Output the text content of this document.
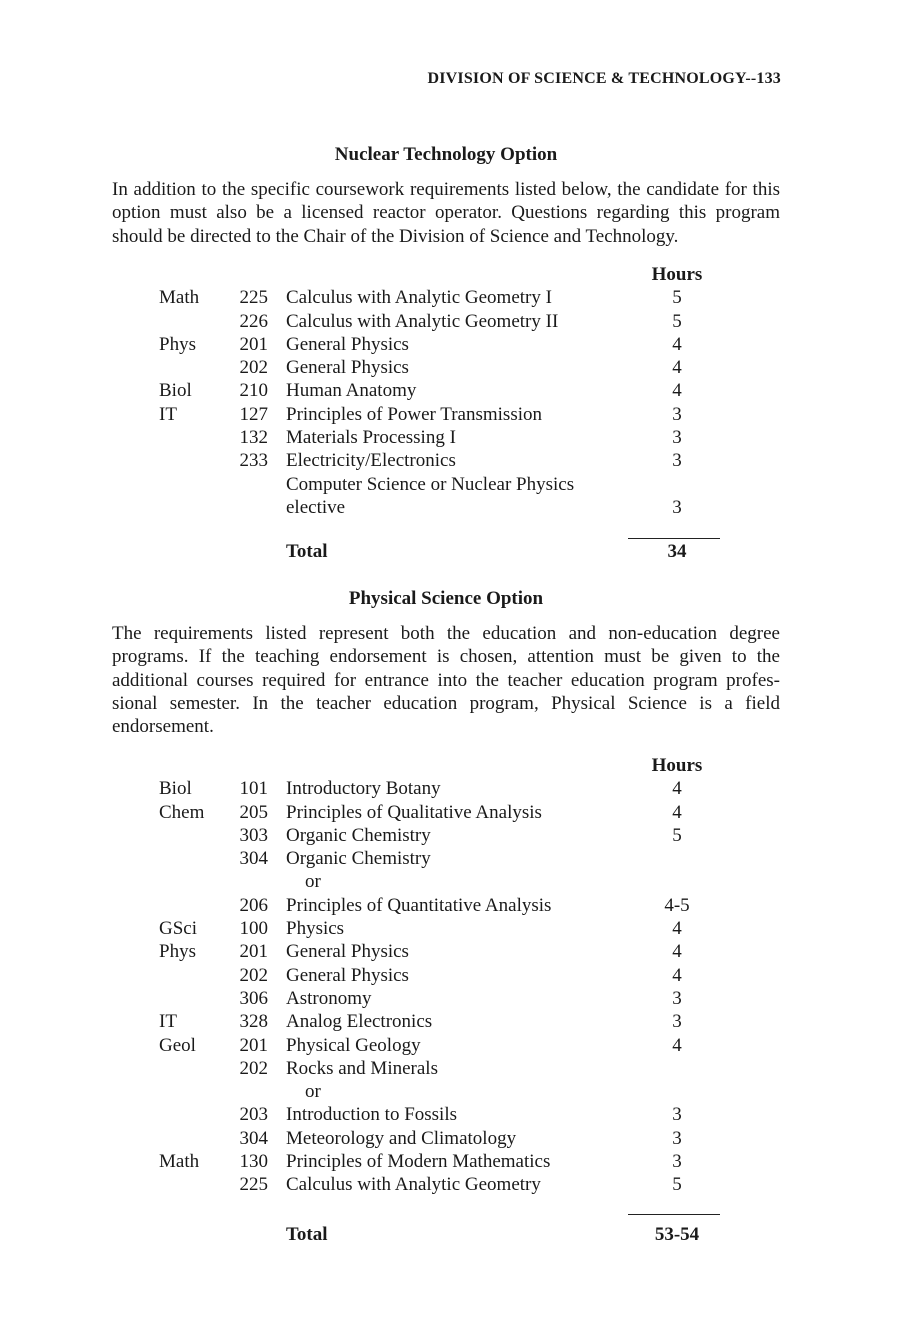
DIVISION OF SCIENCE & TECHNOLOGY--133
Nuclear Technology Option
In addition to the specific coursework requirements listed below, the candidate for this option must also be a licensed reactor operator. Questions regarding this program should be directed to the Chair of the Division of Science and Technology.
Hours
Math 225 Calculus with Analytic Geometry I	5
226 Calculus with Analytic Geometry II	5
Phys 201 General Physics	4
202 General Physics	4
Biol	210 Human Anatomy	4
IT	127 Principles of Power Transmission	3
132 Materials Processing I	3
233 Electricity/Electronics	3
Computer Science or Nuclear Physics
elective	3
Total	34
Physical Science Option
The requirements listed represent both the education and non-education degree programs. If the teaching endorsement is chosen, attention must be given to the additional courses required for entrance into the teacher education program profes-sional semester. In the teacher education program, Physical Science is a field endorsement.
Hours
Biol	101 Introductory Botany	4
Chem 205 Principles of Qualitative Analysis	4
303 Organic Chemistry	5
304 Organic Chemistry
or
206 Principles of Quantitative Analysis	4-5
GSci 100 Physics	4
Phys 201 General Physics	4
202 General Physics	4
306 Astronomy	3
IT	328 Analog Electronics	3
Geol 201 Physical Geology	4
202 Rocks and Minerals
or
203 Introduction to Fossils	3
304 Meteorology and Climatology	3
Math 130 Principles of Modern Mathematics	3
225 Calculus with Analytic Geometry	5
Total	53-54
